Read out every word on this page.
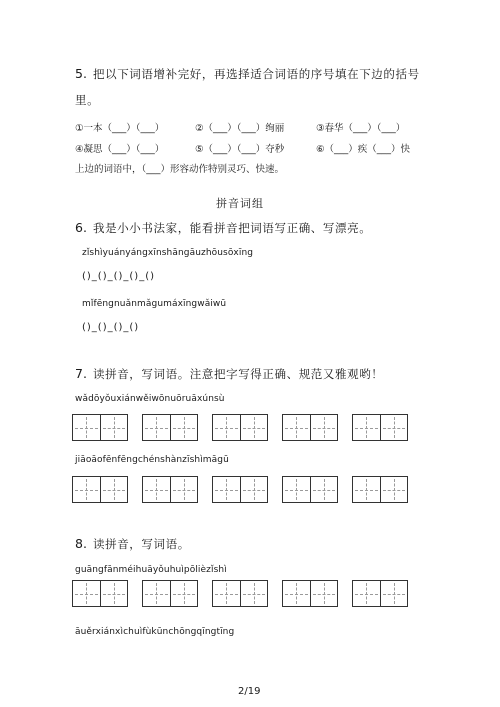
5. 把以下词语增补完好，再选择适合词语的序号填在下边的括号
里。
①一本（___）（___）	②（___）（___）绚丽	③春华（___）（___）
④凝思（___）（___）	⑤（___）（___）夺秒	⑥（___）疾（___）快
上边的词语中，（___）形容动作特别灵巧、快速。
拼音词组
6. 我是小小书法家，能看拼音把词语写正确、写漂亮。
zǐshìyuányángxīnshāngāuzhōusōxīng
()_()_()_()_()
mǐfēngnuǎnmǎgumáxīngwǎiwū
()_()_()_()
7. 读拼音，写词语。注意把字写得正确、规范又雅观哟！
wǎdōyǒuxiánwěiwōnuōruāxúnsù
jiāoāofēnfēngchénshànzīshìmāgū
8. 读拼音，写词语。
guāngfānméihuāyǒuhuìpōlièzǐshì
āuěrxiánxìchuìfùkūnchōngqīngtīng
2/19
